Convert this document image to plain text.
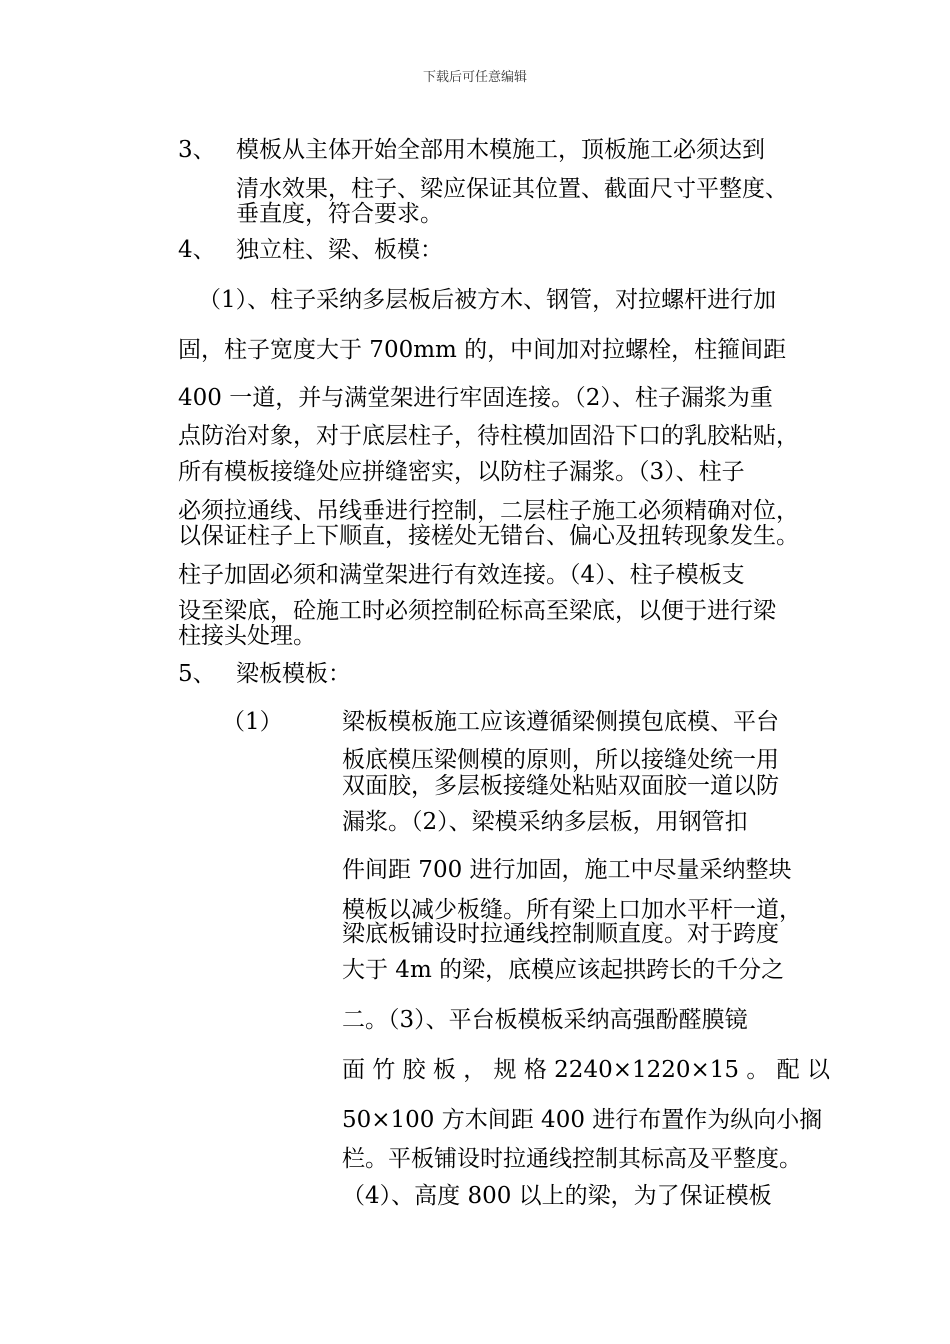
下载后可任意编辑
3、 模板从主体开始全部用木模施工，顶板施工必须达到
清水效果，柱子、梁应保证其位置、截面尺寸平整度、
垂直度，符合要求。
4、 独立柱、梁、板模：
（1）、柱子采纳多层板后被方木、钢管，对拉螺杆进行加
固，柱子宽度大于 700mm 的，中间加对拉螺栓，柱箍间距
400 一道，并与满堂架进行牢固连接。（2）、柱子漏浆为重
点防治对象，对于底层柱子，待柱模加固沿下口的乳胶粘贴，
所有模板接缝处应拼缝密实，以防柱子漏浆。（3）、柱子
必须拉通线、吊线垂进行控制，二层柱子施工必须精确对位，
以保证柱子上下顺直，接槎处无错台、偏心及扭转现象发生。
柱子加固必须和满堂架进行有效连接。（4）、柱子模板支
设至梁底，砼施工时必须控制砼标高至梁底，以便于进行梁
柱接头处理。
5、 梁板模板：
（1）	梁板模板施工应该遵循梁侧摸包底模、平台
板底模压梁侧模的原则，所以接缝处统一用
双面胶，多层板接缝处粘贴双面胶一道以防
漏浆。（2）、梁模采纳多层板，用钢管扣
件间距 700 进行加固，施工中尽量采纳整块
模板以减少板缝。所有梁上口加水平杆一道，
梁底板铺设时拉通线控制顺直度。对于跨度
大于 4m 的梁，底模应该起拱跨长的千分之
二。（3）、平台板模板采纳高强酚醛膜镜
面 竹 胶 板 ， 规 格 2240×1220×15 。 配 以
50×100 方木间距 400 进行布置作为纵向小搁
栏。平板铺设时拉通线控制其标高及平整度。
（4）、高度 800 以上的梁，为了保证模板
